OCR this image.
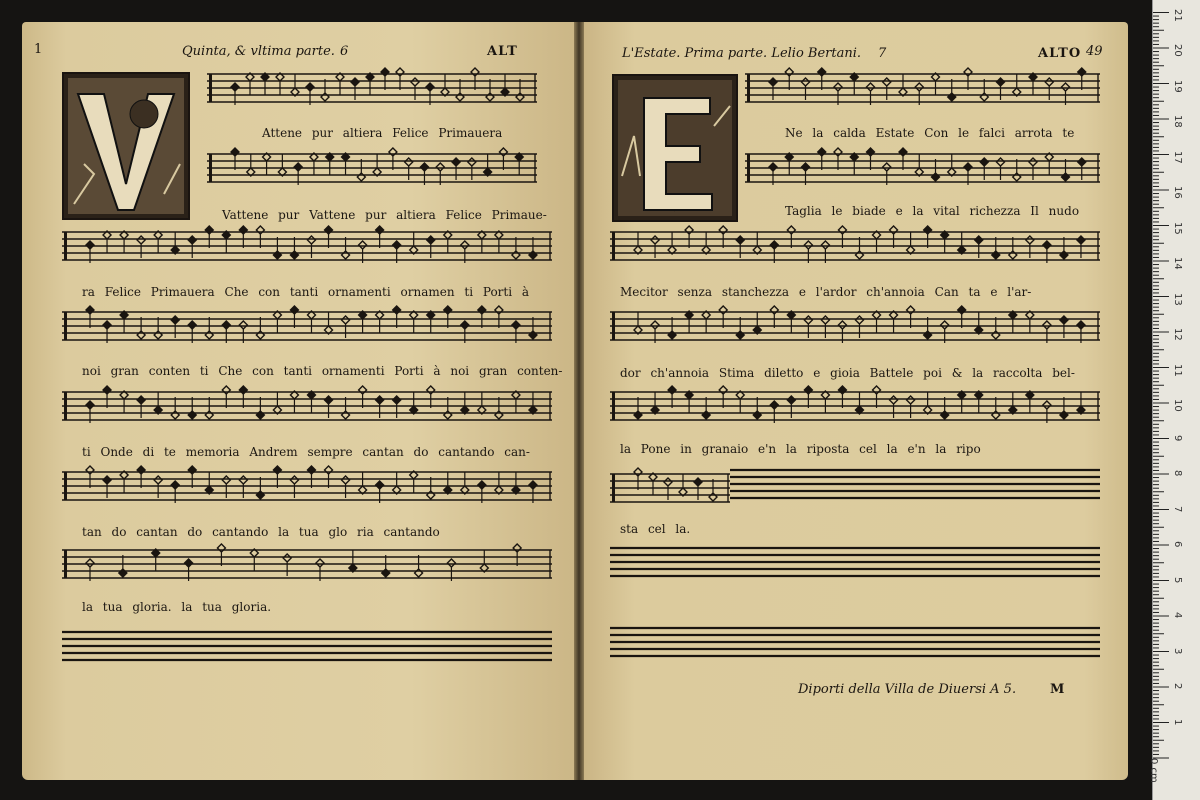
1	Quinta, & vltima parte. 6	ALT
V
Attene pur altiera Felice Primauera
Vattene pur Vattene pur altiera Felice Primaue-
ra Felice Primauera Che con tanti ornamenti ornamen ti Porti à
noi gran conten ti Che con tanti ornamenti Porti à noi gran conten-
ti Onde di te memoria Andrem sempre cantan do cantando can-
tan do cantan do cantando la tua glo ria cantando
la tua gloria. la tua gloria.
L'Estate. Prima parte. Lelio Bertani. 7	ALTO 49
E
Ne la calda Estate Con le falci arrota te
Taglia le biade e la vital richezza Il nudo
Mecitor senza stanchezza e l'ardor ch'annoia Can ta e l'ar-
dor ch'annoia Stima diletto e gioia Battele poi & la raccolta bel-
la Pone in granaio e'n la riposta cel la e'n la ripo
sta cel la.
Diporti della Villa de Diuersi A 5.	M
1
2
3
4
5
6
7
8
9
10
11
12
13
14
15
16
17
18
19
20
21
0 cm
